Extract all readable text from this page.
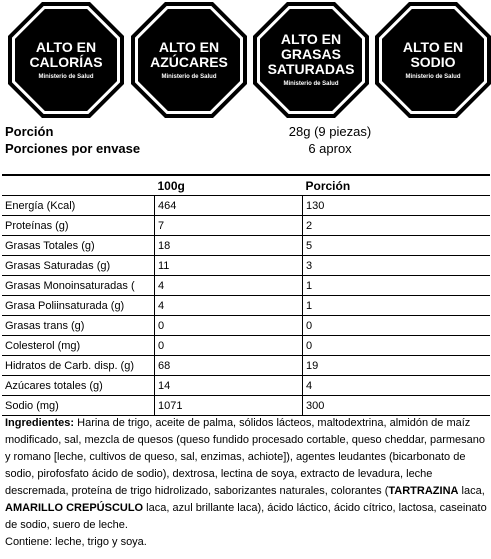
ALTO EN
CALORÍAS
Ministerio de Salud
ALTO EN
AZÚCARES
Ministerio de Salud
ALTO EN
GRASAS
SATURADAS
Ministerio de Salud
ALTO EN
SODIO
Ministerio de Salud
Porción	28g (9 piezas)
Porciones por envase	6 aprox
	100g	Porción
Energía (Kcal)	464	130
Proteínas (g)	7	2
Grasas Totales (g)	18	5
Grasas Saturadas (g)	11	3
Grasas Monoinsaturadas (	4	1
Grasa Poliinsaturada (g)	4	1
Grasas trans (g)	0	0
Colesterol (mg)	0	0
Hidratos de Carb. disp. (g)	68	19
Azúcares totales (g)	14	4
Sodio (mg)	1071	300
Ingredientes: Harina de trigo, aceite de palma, sólidos lácteos, maltodextrina, almidón de maíz modificado, sal, mezcla de quesos (queso fundido procesado cortable, queso cheddar, parmesano y romano [leche, cultivos de queso, sal, enzimas, achiote]), agentes leudantes (bicarbonato de sodio, pirofosfato ácido de sodio), dextrosa, lectina de soya, extracto de levadura, leche descremada, proteína de trigo hidrolizado, saborizantes naturales, colorantes (TARTRAZINA laca, AMARILLO CREPÚSCULO laca, azul brillante laca), ácido láctico, ácido cítrico, lactosa, caseinato de sodio, suero de leche.
Contiene: leche, trigo y soya.
